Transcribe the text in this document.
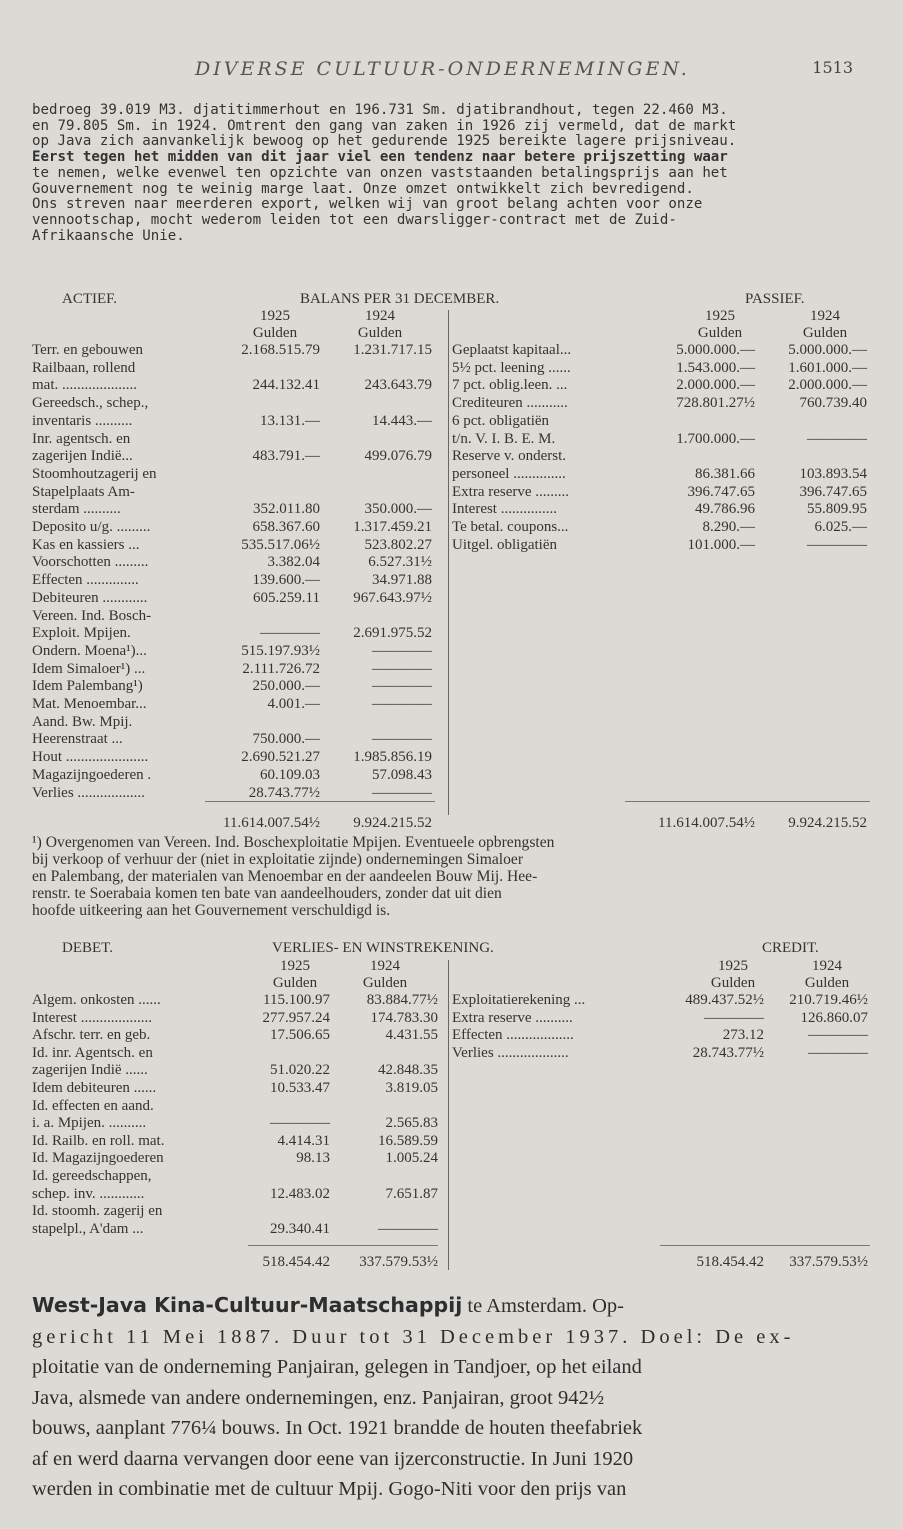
DIVERSE CULTUUR-ONDERNEMINGEN.	1513
bedroeg 39.019 M3. djatitimmerhout en 196.731 Sm. djatibrandhout, tegen 22.460 M3.
en 79.805 Sm. in 1924. Omtrent den gang van zaken in 1926 zij vermeld, dat de markt
op Java zich aanvankelijk bewoog op het gedurende 1925 bereikte lagere prijsniveau.
Eerst tegen het midden van dit jaar viel een tendenz naar betere prijszetting waar
te nemen, welke evenwel ten opzichte van onzen vaststaanden betalingsprijs aan het
Gouvernement nog te weinig marge laat. Onze omzet ontwikkelt zich bevredigend.
Ons streven naar meerderen export, welken wij van groot belang achten voor onze
vennootschap, mocht wederom leiden tot een dwarsligger-contract met de Zuid-
Afrikaansche Unie.
ACTIEF.	BALANS PER 31 DECEMBER.	PASSIEF.
1925	1924
Gulden	Gulden
1925	1924
Gulden	Gulden
Terr. en gebouwen	2.168.515.79	1.231.717.15
Railbaan, rollend
mat. ....................	244.132.41	243.643.79
Gereedsch., schep.,
inventaris ..........	13.131.—	14.443.—
Inr. agentsch. en
zagerijen Indië...	483.791.—	499.076.79
Stoomhoutzagerij en
Stapelplaats Am-
sterdam ..........	352.011.80	350.000.—
Deposito u/g. .........	658.367.60	1.317.459.21
Kas en kassiers ...	535.517.06½	523.802.27
Voorschotten .........	3.382.04	6.527.31½
Effecten ..............	139.600.—	34.971.88
Debiteuren ............	605.259.11	967.643.97½
Vereen. Ind. Bosch-
Exploit. Mpijen.	————	2.691.975.52
Ondern. Moena¹)...	515.197.93½	————
Idem Simaloer¹) ...	2.111.726.72	————
Idem Palembang¹)	250.000.—	————
Mat. Menoembar...	4.001.—	————
Aand. Bw. Mpij.
Heerenstraat ...	750.000.—	————
Hout ......................	2.690.521.27	1.985.856.19
Magazijngoederen .	60.109.03	57.098.43
Verlies ..................	28.743.77½	————
Geplaatst kapitaal...	5.000.000.—	5.000.000.—
5½ pct. leening ......	1.543.000.—	1.601.000.—
7 pct. oblig.leen. ...	2.000.000.—	2.000.000.—
Crediteuren ...........	728.801.27½	760.739.40
6 pct. obligatiën
t/n. V. I. B. E. M.	1.700.000.—	————
Reserve v. onderst.
personeel ..............	86.381.66	103.893.54
Extra reserve .........	396.747.65	396.747.65
Interest ...............	49.786.96	55.809.95
Te betal. coupons...	8.290.—	6.025.—
Uitgel. obligatiën	101.000.—	————
11.614.007.54½	9.924.215.52	11.614.007.54½	9.924.215.52
¹) Overgenomen van Vereen. Ind. Boschexploitatie Mpijen. Eventueele opbrengsten
bij verkoop of verhuur der (niet in exploitatie zijnde) ondernemingen Simaloer
en Palembang, der materialen van Menoembar en der aandeelen Bouw Mij. Hee-
renstr. te Soerabaia komen ten bate van aandeelhouders, zonder dat uit dien
hoofde uitkeering aan het Gouvernement verschuldigd is.
DEBET.	VERLIES- EN WINSTREKENING.	CREDIT.
1925	1924
Gulden	Gulden
1925	1924
Gulden	Gulden
Algem. onkosten ......	115.100.97	83.884.77½
Interest ...................	277.957.24	174.783.30
Afschr. terr. en geb.	17.506.65	4.431.55
Id. inr. Agentsch. en
zagerijen Indië ......	51.020.22	42.848.35
Idem debiteuren ......	10.533.47	3.819.05
Id. effecten en aand.
i. a. Mpijen. ..........	————	2.565.83
Id. Railb. en roll. mat.	4.414.31	16.589.59
Id. Magazijngoederen	98.13	1.005.24
Id. gereedschappen,
schep. inv. ............	12.483.02	7.651.87
Id. stoomh. zagerij en
stapelpl., A'dam ...	29.340.41	————
Exploitatierekening ...	489.437.52½	210.719.46½
Extra reserve ..........	————	126.860.07
Effecten ..................	273.12	————
Verlies ...................	28.743.77½	————
518.454.42	337.579.53½	518.454.42	337.579.53½
West-Java Kina-Cultuur-Maatschappij te Amsterdam. Op-
gericht 11 Mei 1887. Duur tot 31 December 1937. Doel: De ex-
ploitatie van de onderneming Panjairan, gelegen in Tandjoer, op het eiland
Java, alsmede van andere ondernemingen, enz. Panjairan, groot 942½
bouws, aanplant 776¼ bouws. In Oct. 1921 brandde de houten theefabriek
af en werd daarna vervangen door eene van ijzerconstructie. In Juni 1920
werden in combinatie met de cultuur Mpij. Gogo-Niti voor den prijs van
